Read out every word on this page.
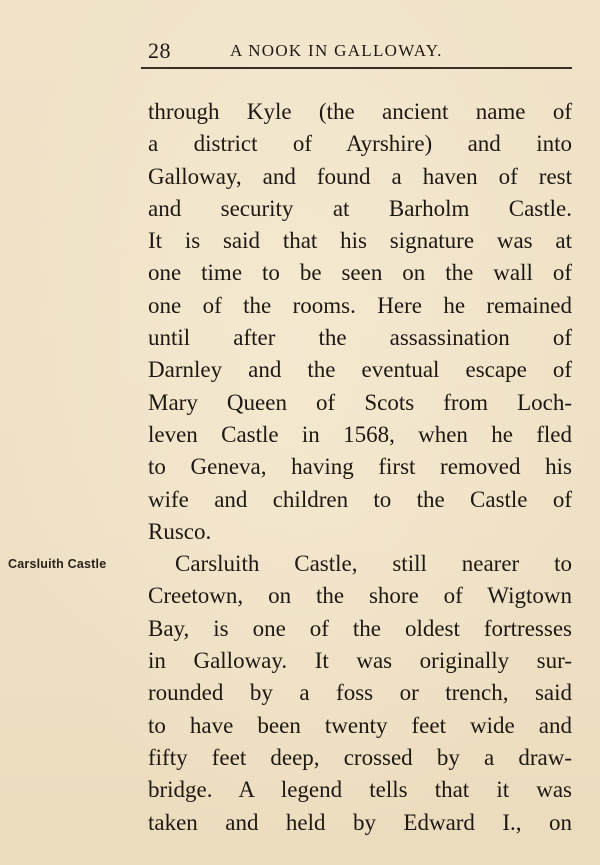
28	A NOOK IN GALLOWAY.
Carsluith Castle
through Kyle (the ancient name of
a district of Ayrshire) and into
Galloway, and found a haven of rest
and security at Barholm Castle.
It is said that his signature was at
one time to be seen on the wall of
one of the rooms. Here he remained
until after the assassination of
Darnley and the eventual escape of
Mary Queen of Scots from Loch-
leven Castle in 1568, when he fled
to Geneva, having first removed his
wife and children to the Castle of
Rusco.
Carsluith Castle, still nearer to
Creetown, on the shore of Wigtown
Bay, is one of the oldest fortresses
in Galloway. It was originally sur-
rounded by a foss or trench, said
to have been twenty feet wide and
fifty feet deep, crossed by a draw-
bridge. A legend tells that it was
taken and held by Edward I., on
